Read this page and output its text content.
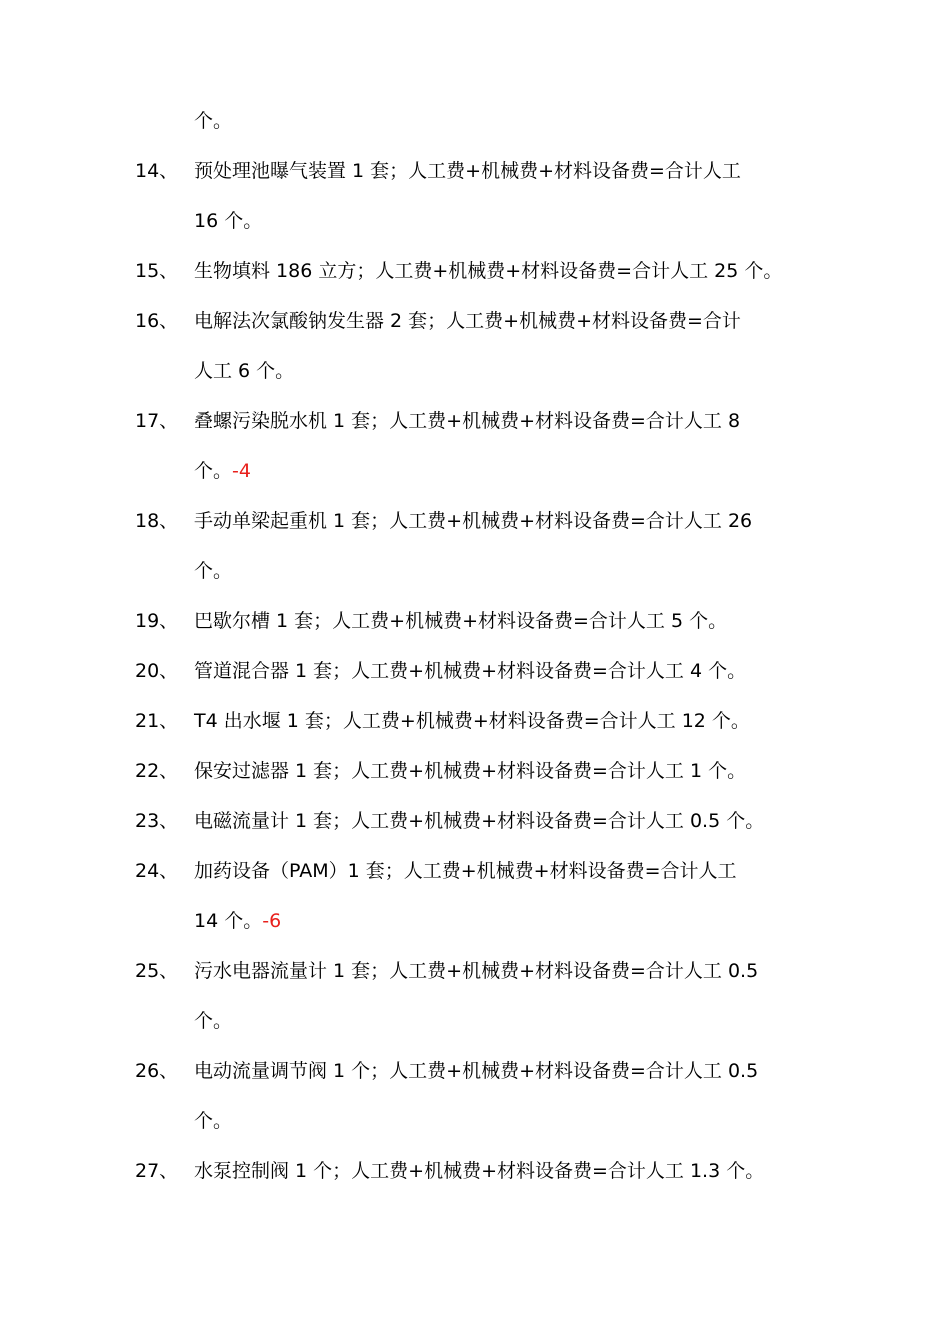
个。
14、 预处理池曝气装置 1 套；人工费+机械费+材料设备费=合计人工
16 个。
15、 生物填料 186 立方；人工费+机械费+材料设备费=合计人工 25 个。
16、 电解法次氯酸钠发生器 2 套；人工费+机械费+材料设备费=合计
人工 6 个。
17、 叠螺污染脱水机 1 套；人工费+机械费+材料设备费=合计人工 8
个。-4
18、 手动单梁起重机 1 套；人工费+机械费+材料设备费=合计人工 26
个。
19、 巴歇尔槽 1 套；人工费+机械费+材料设备费=合计人工 5 个。
20、 管道混合器 1 套；人工费+机械费+材料设备费=合计人工 4 个。
21、 T4 出水堰 1 套；人工费+机械费+材料设备费=合计人工 12 个。
22、 保安过滤器 1 套；人工费+机械费+材料设备费=合计人工 1 个。
23、 电磁流量计 1 套；人工费+机械费+材料设备费=合计人工 0.5 个。
24、 加药设备（PAM）1 套；人工费+机械费+材料设备费=合计人工
14 个。-6
25、 污水电器流量计 1 套；人工费+机械费+材料设备费=合计人工 0.5
个。
26、 电动流量调节阀 1 个；人工费+机械费+材料设备费=合计人工 0.5
个。
27、 水泵控制阀 1 个；人工费+机械费+材料设备费=合计人工 1.3 个。
